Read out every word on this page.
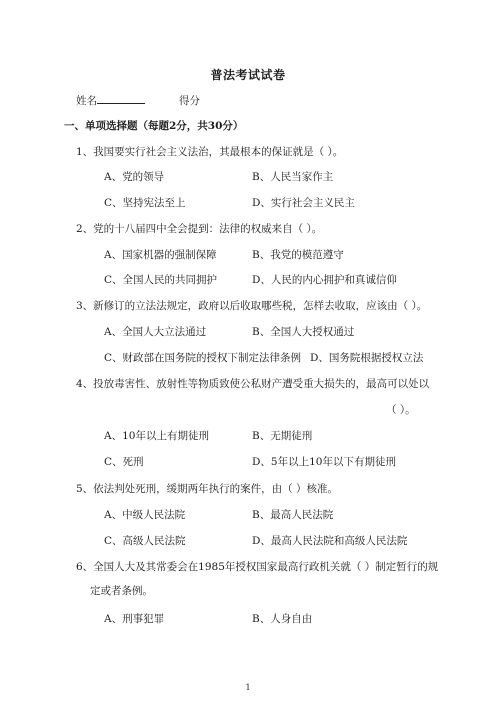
普法考试试卷
姓名	得分
一、单项选择题（每题2分，共30分）
1、我国要实行社会主义法治，其最根本的保证就是（ ）。
A、党的领导	B、人民当家作主
C、坚持宪法至上	D、实行社会主义民主
2、党的十八届四中全会提到：法律的权威来自（ ）。
A、国家机器的强制保障	B、我党的模范遵守
C、全国人民的共同拥护	D、人民的内心拥护和真诚信仰
3、新修订的立法法规定，政府以后收取哪些税，怎样去收取，应该由（ ）。
A、全国人大立法通过	B、全国人大授权通过
C、财政部在国务院的授权下制定法律条例 D、国务院根据授权立法
4、投放毒害性、放射性等物质致使公私财产遭受重大损失的，最高可以处以
（ ）。
A、10年以上有期徒刑	B、无期徒刑
C、死刑	D、5年以上10年以下有期徒刑
5、依法判处死刑，缓期两年执行的案件，由（ ）核准。
A、中级人民法院	B、最高人民法院
C、高级人民法院	D、最高人民法院和高级人民法院
6、全国人大及其常委会在1985年授权国家最高行政机关就（ ）制定暂行的规
定或者条例。
A、刑事犯罪	B、人身自由
1
